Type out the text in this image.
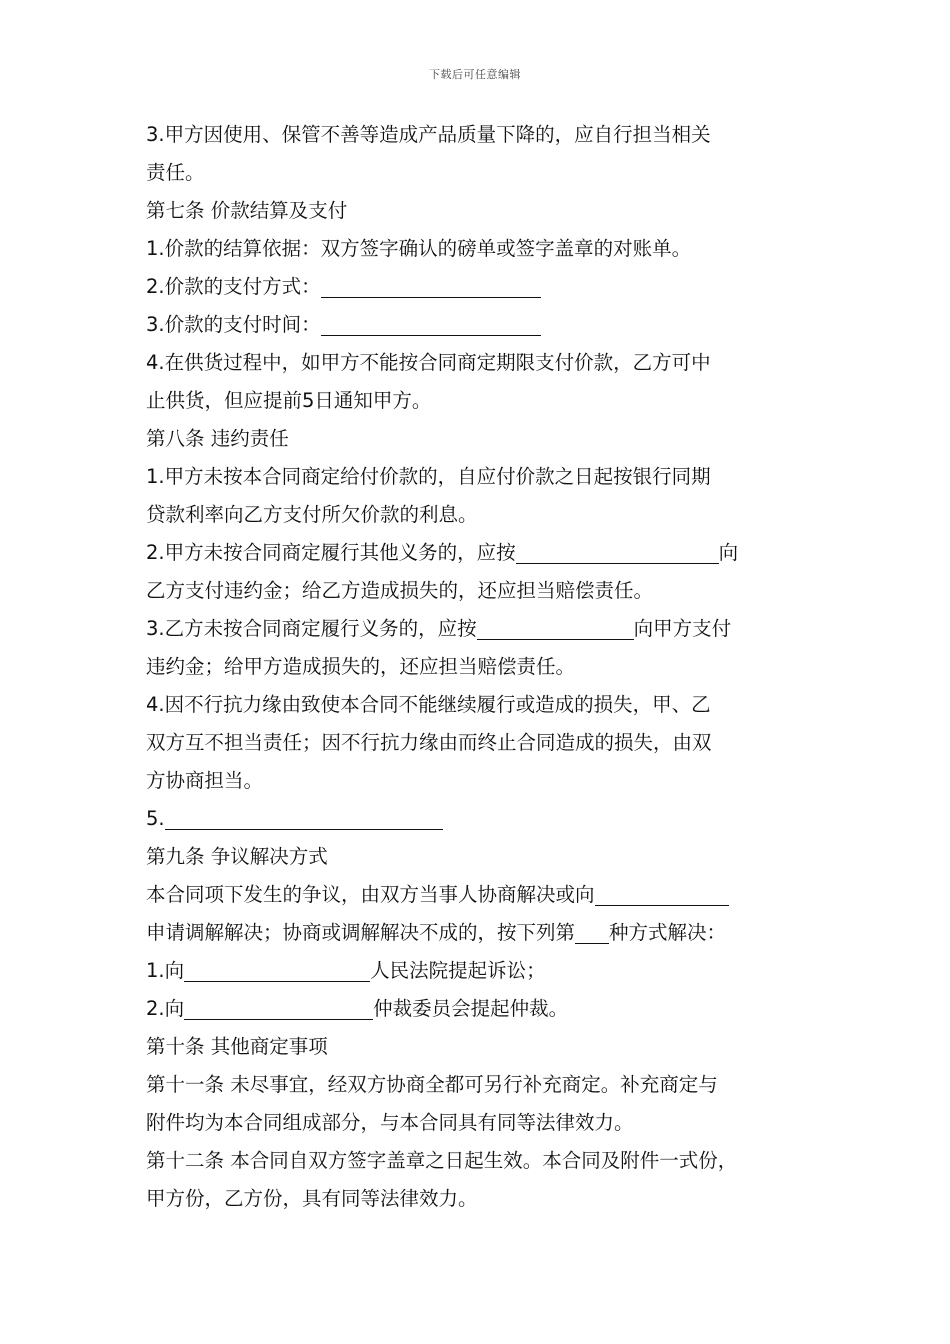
下载后可任意编辑
3.甲方因使用、保管不善等造成产品质量下降的，应自行担当相关
责任。
第七条 价款结算及支付
1.价款的结算依据：双方签字确认的磅单或签字盖章的对账单。
2.价款的支付方式：
3.价款的支付时间：
4.在供货过程中，如甲方不能按合同商定期限支付价款，乙方可中
止供货，但应提前5日通知甲方。
第八条 违约责任
1.甲方未按本合同商定给付价款的，自应付价款之日起按银行同期
贷款利率向乙方支付所欠价款的利息。
2.甲方未按合同商定履行其他义务的，应按	向
乙方支付违约金；给乙方造成损失的，还应担当赔偿责任。
3.乙方未按合同商定履行义务的，应按	向甲方支付
违约金；给甲方造成损失的，还应担当赔偿责任。
4.因不行抗力缘由致使本合同不能继续履行或造成的损失，甲、乙
双方互不担当责任；因不行抗力缘由而终止合同造成的损失，由双
方协商担当。
5.
第九条 争议解决方式
本合同项下发生的争议，由双方当事人协商解决或向
申请调解解决；协商或调解解决不成的，按下列第 种方式解决：
1.向	人民法院提起诉讼；
2.向	仲裁委员会提起仲裁。
第十条 其他商定事项
第十一条 未尽事宜，经双方协商全都可另行补充商定。补充商定与
附件均为本合同组成部分，与本合同具有同等法律效力。
第十二条 本合同自双方签字盖章之日起生效。本合同及附件一式份，
甲方份，乙方份，具有同等法律效力。
